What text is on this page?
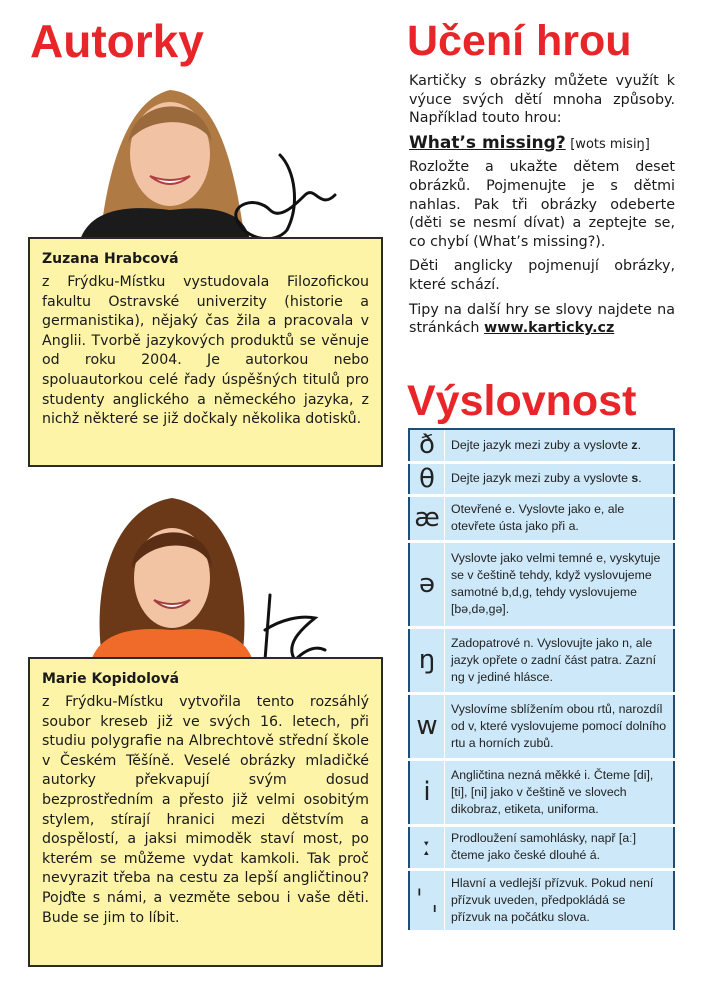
Autorky
Zuzana Hrabcová
z Frýdku-Místku vystudovala Filozofickou fakultu Ostravské univerzity (historie a germanistika), nějaký čas žila a pracovala v Anglii. Tvorbě jazykových produktů se věnuje od roku 2004. Je autorkou nebo spoluautorkou celé řady úspěšných titulů pro studenty anglického a německého jazyka, z nichž některé se již dočkaly několika dotisků.
Marie Kopidolová
z Frýdku-Místku vytvořila tento rozsáhlý soubor kreseb již ve svých 16. letech, při studiu polygrafie na Albrechtově střední škole v Českém Těšíně. Veselé obrázky mladičké autorky překvapují svým dosud bezprostředním a přesto již velmi osobitým stylem, stírají hranici mezi dětstvím a dospělostí, a jaksi mimoděk staví most, po kterém se můžeme vydat kamkoli. Tak proč nevyrazit třeba na cestu za lepší angličtinou? Pojďte s námi, a vezměte sebou i vaše děti. Bude se jim to líbit.
Učení hrou

Kartičky s obrázky můžete využít k výuce svých dětí mnoha způsoby. Například touto hrou:

What’s missing? [wots misiŋ]

Rozložte a ukažte dětem deset obrázků. Pojmenujte je s dětmi nahlas. Pak tři obrázky odeberte (děti se nesmí dívat) a zeptejte se, co chybí (What’s missing?).

Děti anglicky pojmenují obrázky, které schází.

Tipy na další hry se slovy najdete na stránkách www.karticky.cz

Výslovnost
ð	Dejte jazyk mezi zuby a vyslovte z.
θ	Dejte jazyk mezi zuby a vyslovte s.
æ	Otevřené e. Vyslovte jako e, ale otevřete ústa jako při a.
ə	Vyslovte jako velmi temné e, vyskytuje se v češtině tehdy, když vyslovujeme samotné b,d,g, tehdy vyslovujeme [bə,də,gə].
ŋ	Zadopatrové n. Vyslovujte jako n, ale jazyk opřete o zadní část patra. Zazní ng v jediné hlásce.
w	Vyslovíme sblížením obou rtů, narozdíl od v, které vyslovujeme pomocí dolního rtu a horních zubů.
i	Angličtina nezná měkké i. Čteme [di], [ti], [ni] jako v češtině ve slovech dikobraz, etiketa, uniforma.
ː	Prodloužení samohlásky, např [aː] čteme jako české dlouhé á.
ˈ ˌ	Hlavní a vedlejší přízvuk. Pokud není přízvuk uveden, předpokládá se přízvuk na počátku slova.
